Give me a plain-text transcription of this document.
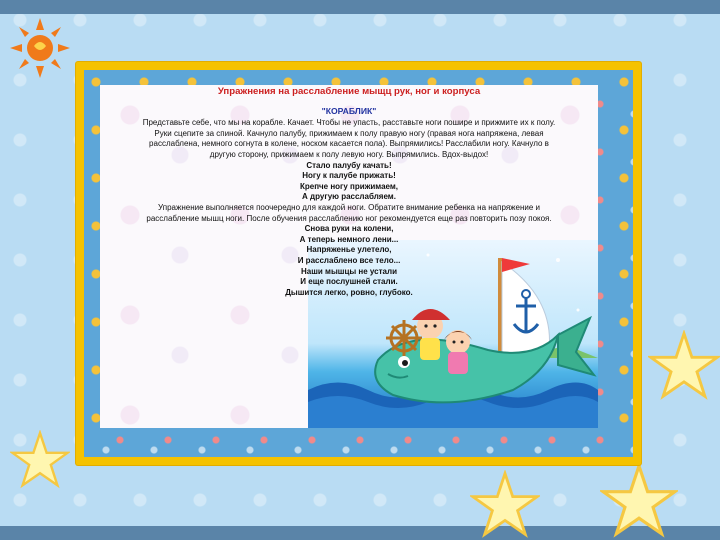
Упражнения на расслабление мыщц рук, ног и корпуса
"КОРАБЛИК"

Представьте себе, что мы на корабле. Качает. Чтобы не упасть, расставьте ноги пошире и прижмите их к полу.

Руки сцепите за спиной. Качнуло палубу, прижимаем к полу правую ногу (правая нога напряжена, левая

расслаблена, немного согнута в колене, носком касается пола). Выпрямились! Расслабили ногу. Качнуло в

другую сторону, прижимаем к полу левую ногу. Выпрямились. Вдох-выдох!

Стало палубу качать!

Ногу к палубе прижать!

Крепче ногу прижимаем,

А другую расслабляем.

Упражнение выполняется поочередно для каждой ноги. Обратите внимание ребенка на напряжение и

расслабление мышц ноги. После обучения расслаблению ног рекомендуется еще раз повторить позу покоя.

Снова руки на колени,

А теперь немного лени...

Напряженье улетело,

И расслаблено все тело...

Наши мышцы не устали

И еще послушней стали.

Дышится легко, ровно, глубоко.
